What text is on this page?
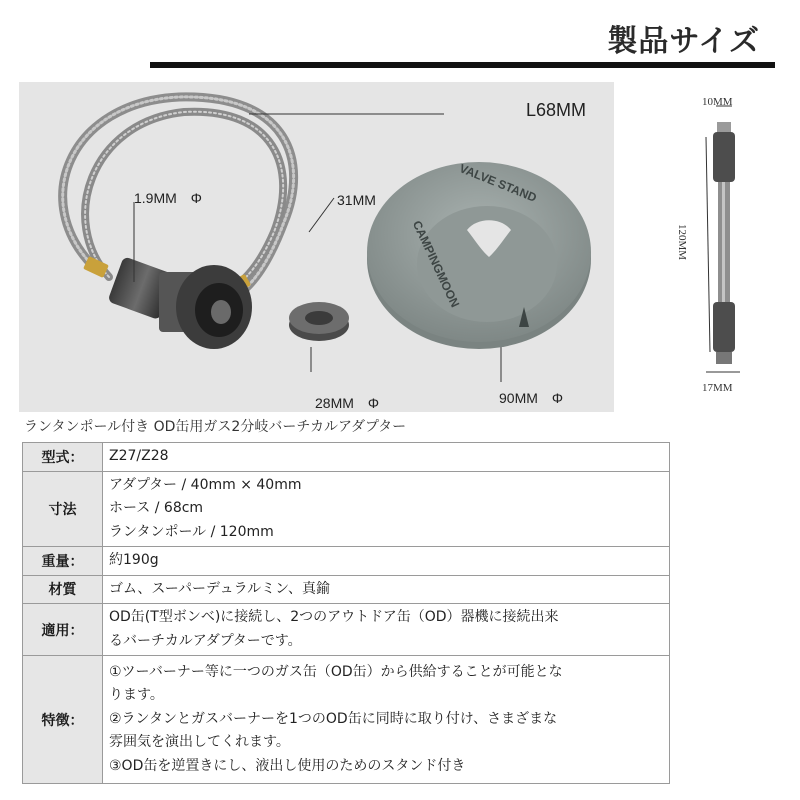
製品サイズ
L68MM
1.9MM　Φ	31MM
28MM　Φ	90MM　Φ
VALVE STAND
CAMPINGMOON
10MM
120MM
17MM
ランタンポール付き OD缶用ガス2分岐バーチカルアダプター
型式：	Z27/Z28
寸法	アダプター / 40mm × 40mm
ホース / 68cm
ランタンポール / 120mm

重量：	約190g
材質	ゴム、スーパーデュラルミン、真鍮
適用：	OD缶(T型ボンベ)に接続し、2つのアウトドア缶（OD）器機に接続出来
るバーチカルアダプターです。

特徴：	①ツーバーナー等に一つのガス缶（OD缶）から供給することが可能とな
ります。
②ランタンとガスバーナーを1つのOD缶に同時に取り付け、さまざまな
雰囲気を演出してくれます。
③OD缶を逆置きにし、液出し使用のためのスタンド付き
